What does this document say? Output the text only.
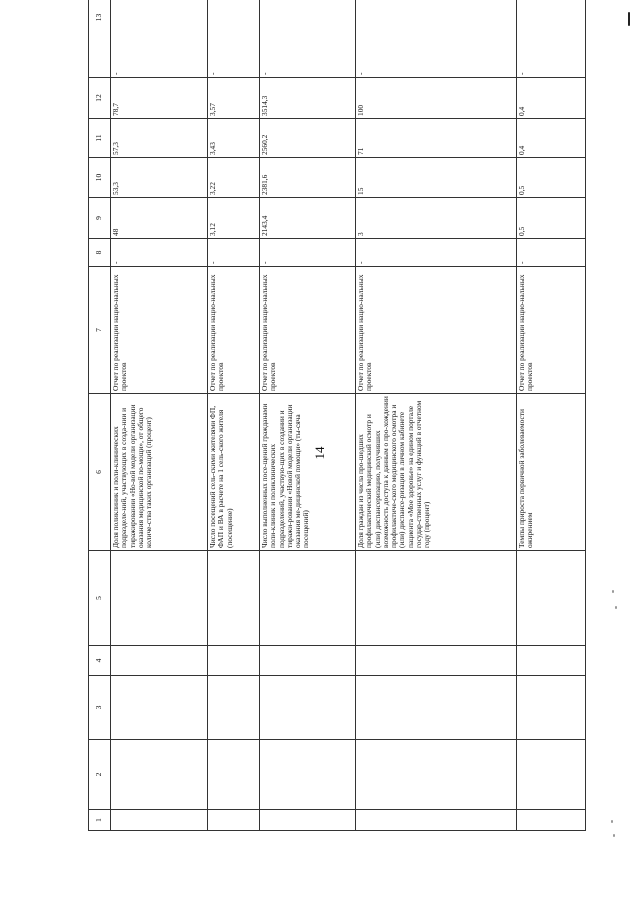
14
1	2	3	4	5	6	7	8	9	10	11	12	13
					Доля поликлиник и поли-клинических подразделе-ний, участвующих в созда-нии и тиражировании «Но-вой модели организации оказания медицинской по-мощи», от общего количе-ства таких организаций (процент)	Отчет по реализации нацио-нальных проектов	-	48	53,3	57,3	78,7	-
					Число посещений сель-скими жителями ФП, ФАП и ВА в расчете на 1 сель-ского жителя (посещение)	Отчет по реализации нацио-нальных проектов	-	3,12	3,22	3,43	3,57	-
					Число выполненных посе-щений гражданами поли-клиник и поликлинических подразделений, участвую-щих в создании и тиражи-ровании «Новой модели организации оказания ме-дицинской помощи» (ты-сяча посещений)	Отчет по реализации нацио-нальных проектов	-	2143,4	2381,6	2560,2	3514,3	-
					Доля граждан из числа про-шедших профилактический медицинский осмотр и (или) диспансеризацию, получивших возможность доступа к данным о про-хождении профилактиче-ского медицинского осмотра и (или) диспансе-ризации в личном кабинете пациента «Мое здоровье» на едином портале государ-ственных услуг и функций в отчетном году (процент)	Отчет по реализации нацио-нальных проектов	-	3	15	71	100	-
					Темпы прироста первичной заболеваемости ожирением	Отчет по реализации нацио-нальных проектов	-	0,5	0,5	0,4	0,4	-
